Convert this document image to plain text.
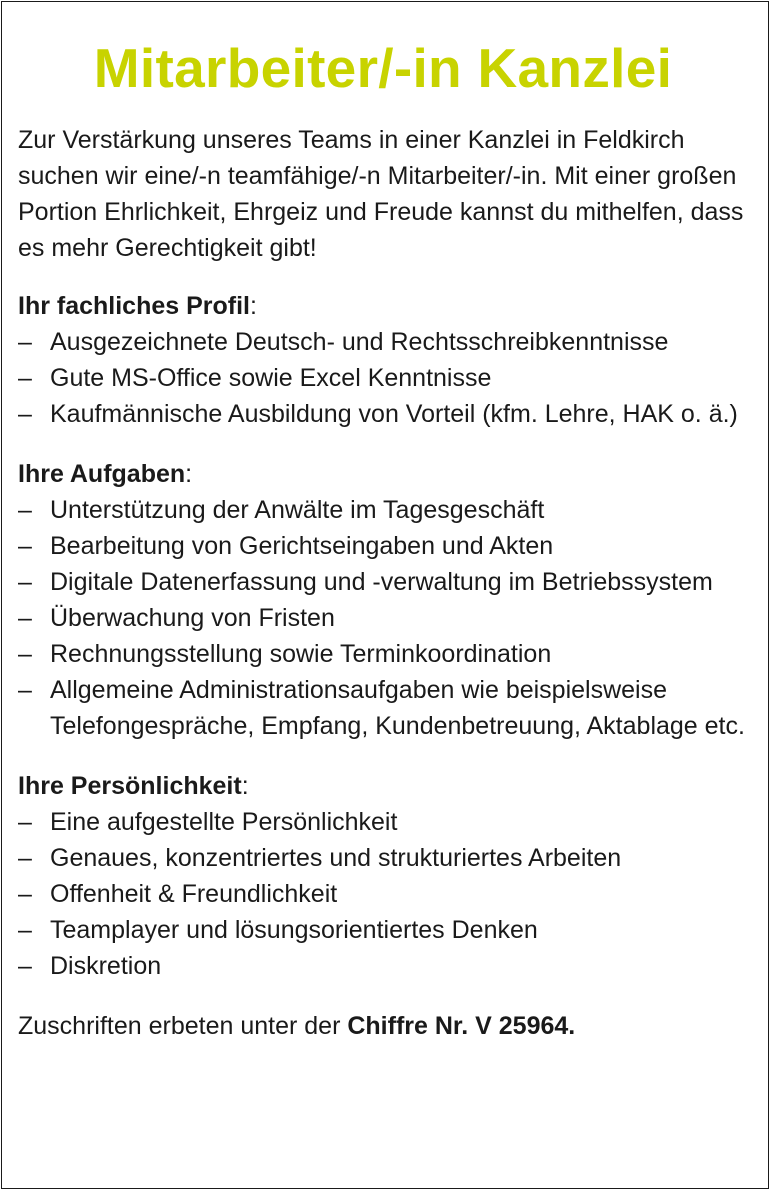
Mitarbeiter/-in Kanzlei

Zur Verstärkung unseres Teams in einer Kanzlei in Feldkirch suchen wir eine/-n teamfähige/-n Mitarbeiter/-in. Mit einer großen Portion Ehrlichkeit, Ehrgeiz und Freude kannst du mithelfen, dass es mehr Gerechtigkeit gibt!

Ihr fachliches Profil:

– Ausgezeichnete Deutsch- und Rechtsschreibkenntnisse
– Gute MS-Office sowie Excel Kenntnisse
– Kaufmännische Ausbildung von Vorteil (kfm. Lehre, HAK o. ä.)

Ihre Aufgaben:

– Unterstützung der Anwälte im Tagesgeschäft
– Bearbeitung von Gerichtseingaben und Akten
– Digitale Datenerfassung und -verwaltung im Betriebssystem
– Überwachung von Fristen
– Rechnungsstellung sowie Terminkoordination
– Allgemeine Administrationsaufgaben wie beispielsweise Telefongespräche, Empfang, Kundenbetreuung, Aktablage etc.

Ihre Persönlichkeit:

– Eine aufgestellte Persönlichkeit
– Genaues, konzentriertes und strukturiertes Arbeiten
– Offenheit & Freundlichkeit
– Teamplayer und lösungsorientiertes Denken
– Diskretion

Zuschriften erbeten unter der Chiffre Nr. V 25964.
